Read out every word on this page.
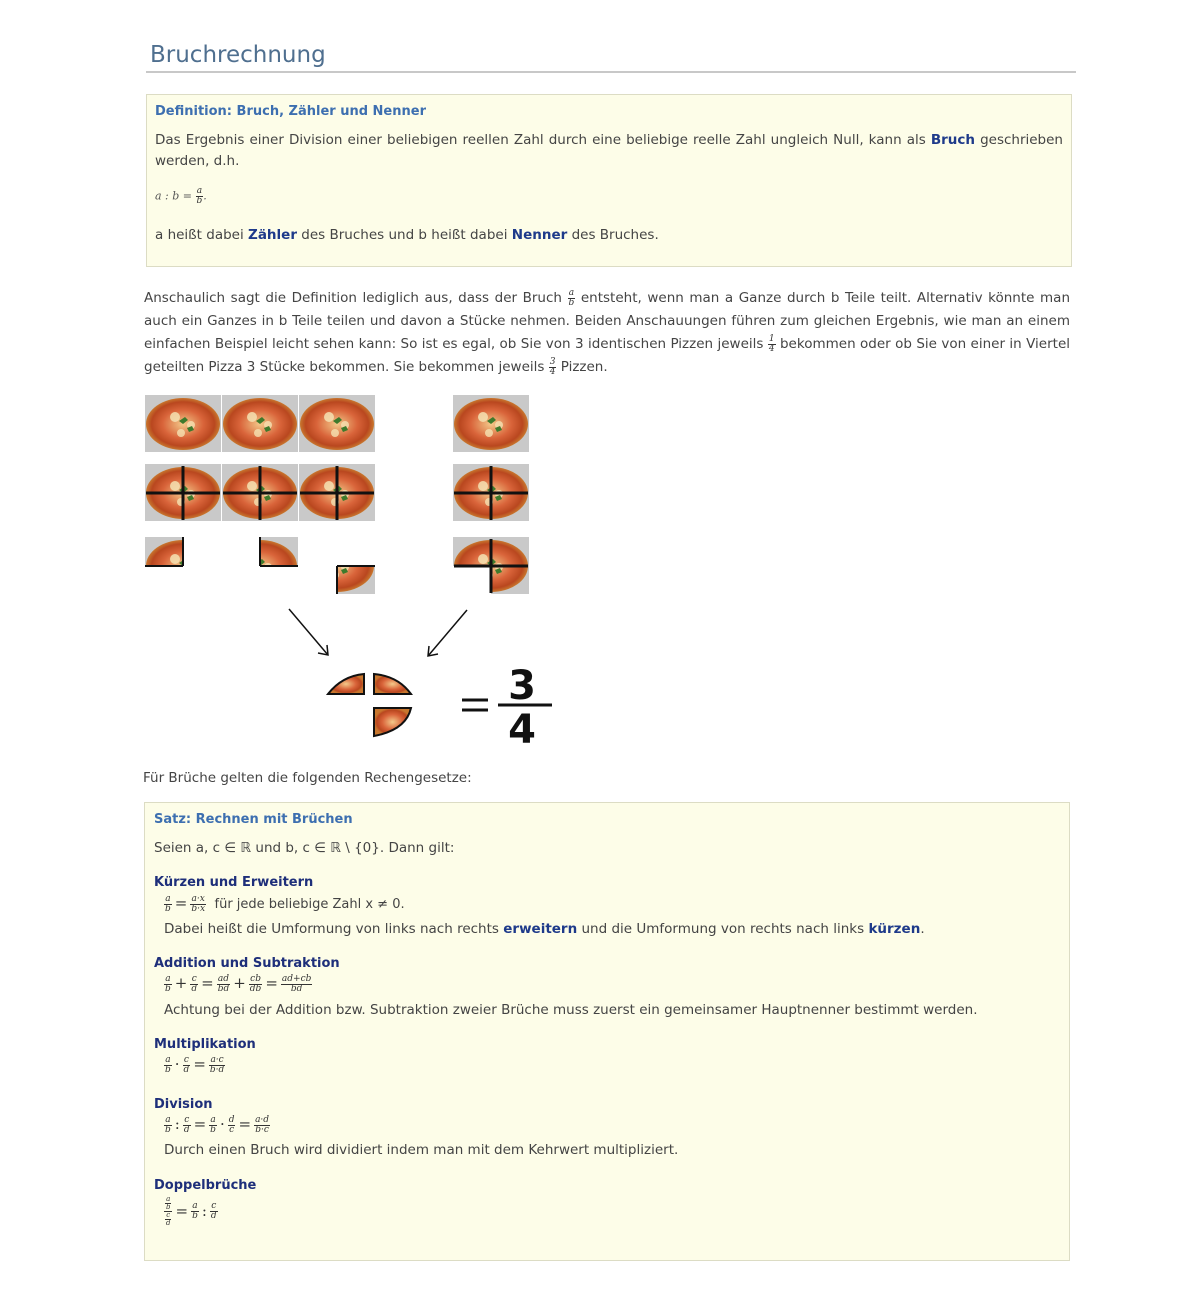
Bruchrechnung
Definition: Bruch, Zähler und Nenner
Das Ergebnis einer Division einer beliebigen reellen Zahl durch eine beliebige reelle Zahl ungleich Null, kann als Bruch geschrieben werden, d.h.
a : $b = \frac{a}{b}$ .
a heißt dabei Zähler des Bruches und b heißt dabei Nenner des Bruches.
Anschaulich sagt die Definition lediglich aus, dass der Bruch $\frac{a}{b}$ entsteht, wenn man a Ganze durch b Teile teilt. Alternativ könnte man auch ein Ganzes in b Teile teilen und davon a Stücke nehmen. Beiden Anschauungen führen zum gleichen Ergebnis, wie man an einem einfachen Beispiel leicht sehen kann: So ist es egal, ob Sie von 3 identischen Pizzen jeweils $\frac{1}{4}$ bekommen oder ob Sie von einer in Viertel geteilten Pizza 3 Stücke bekommen. Sie bekommen jeweils $\frac{3}{4}$ Pizzen.
3
4
Für Brüche gelten die folgenden Rechengesetze:
Satz: Rechnen mit Brüchen
Seien a, c ∈ ℝ und b, c ∈ ℝ \ {0}. Dann gilt:
Kürzen und Erweitern
$\frac{a}{b} = \frac{a\cdot x}{b\cdot x}$ für jede beliebige Zahl x ≠ 0.
Dabei heißt die Umformung von links nach rechts erweitern und die Umformung von rechts nach links kürzen.
Addition und Subtraktion
$\frac{a}{b} + \frac{c}{d} = \frac{ad}{bd} + \frac{cb}{db} = \frac{ad+cb}{bd}$
Achtung bei der Addition bzw. Subtraktion zweier Brüche muss zuerst ein gemeinsamer Hauptnenner bestimmt werden.
Multiplikation
$\frac{a}{b} \cdot \frac{c}{d} = \frac{a\cdot c}{b\cdot d}$
Division
$\frac{a}{b}$ : $\frac{c}{d} = \frac{a}{b} \cdot \frac{d}{c} = \frac{a\cdot d}{b\cdot c}$
Durch einen Bruch wird dividiert indem man mit dem Kehrwert multipliziert.
Doppelbrüche
$\frac{\frac{a}{b}}{\frac{c}{d}} = \frac{a}{b}$ : $\frac{c}{d}$
